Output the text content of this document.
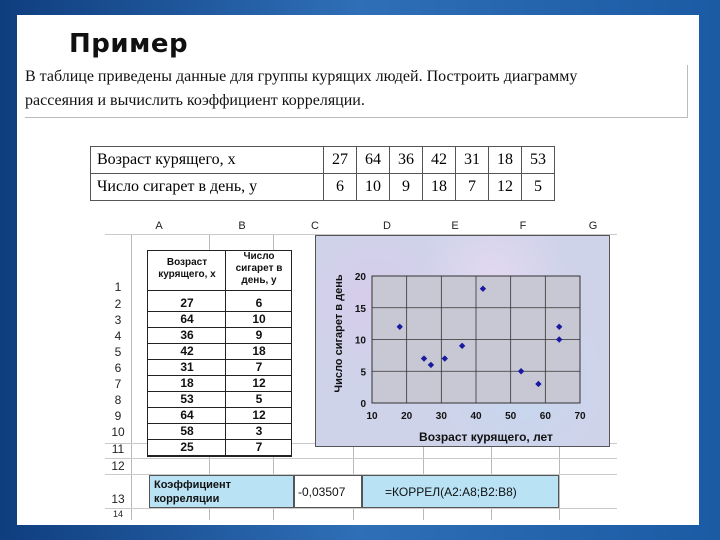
Пример
В таблице приведены данные для группы курящих людей. Построить диаграмму рассеяния и вычислить коэффициент корреляции.
Возраст курящего, x	27	64	36	42	31	18	53
Число сигарет в день, y	6	10	9	18	7	12	5
A	B	C	D	E	F	G
1
2
3
4
5
6
7
8
9
10
11
12
13
14
Возраст курящего, x
Число сигарет в день, y
27	6
64	10
36	9
42	18
31	7
18	12
53	5
64	12
58	3
25	7
10 20 30 40 50 60 70
0
5
10
15
20
Возраст курящего, лет
Число сигарет в день
Коэффициент корреляции	-0,03507	=КОРРЕЛ(A2:A8;B2:B8)
